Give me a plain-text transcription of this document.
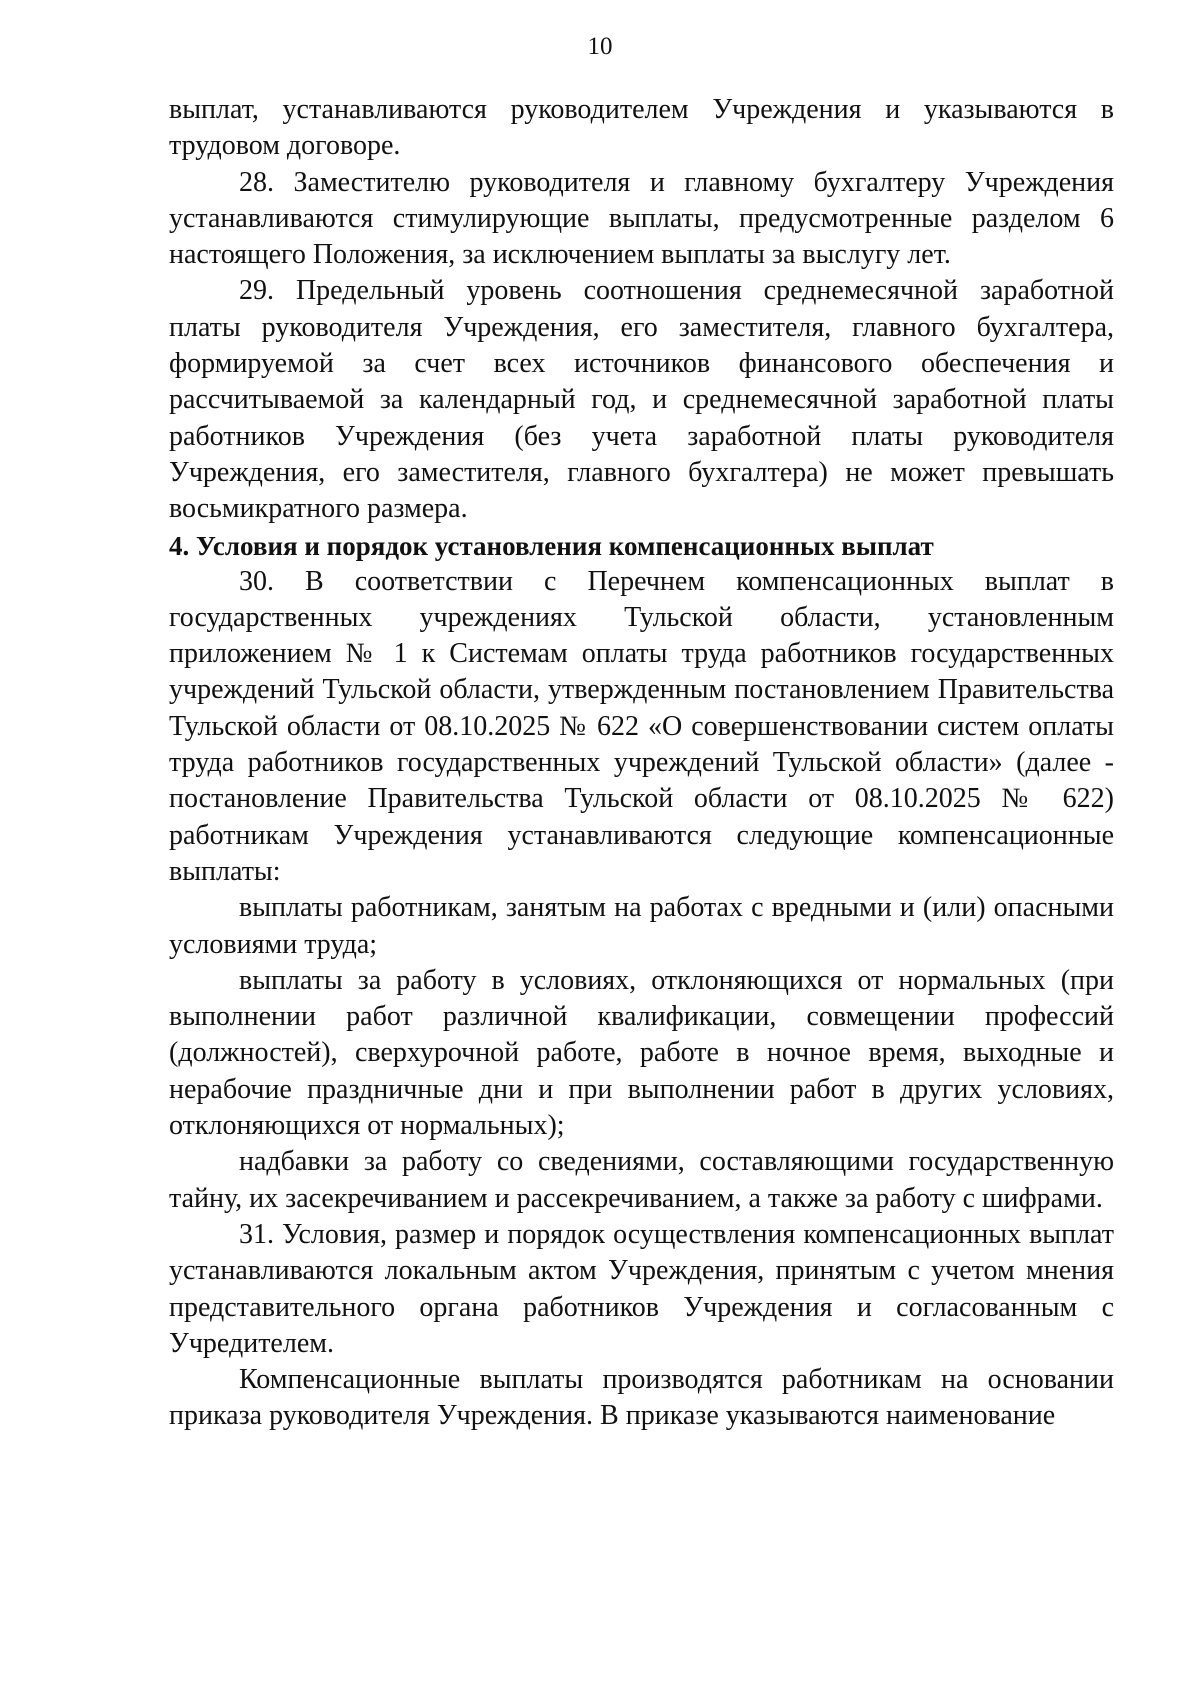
10

выплат, устанавливаются руководителем Учреждения и указываются в трудовом договоре.

28. Заместителю руководителя и главному бухгалтеру Учреждения устанавливаются стимулирующие выплаты, предусмотренные разделом 6 настоящего Положения, за исключением выплаты за выслугу лет.

29. Предельный уровень соотношения среднемесячной заработной платы руководителя Учреждения, его заместителя, главного бухгалтера, формируемой за счет всех источников финансового обеспечения и рассчитываемой за календарный год, и среднемесячной заработной платы работников Учреждения (без учета заработной платы руководителя Учреждения, его заместителя, главного бухгалтера) не может превышать восьмикратного размера.

4. Условия и порядок установления компенсационных выплат

30. В соответствии с Перечнем компенсационных выплат в государственных учреждениях Тульской области, установленным приложением № 1 к Системам оплаты труда работников государственных учреждений Тульской области, утвержденным постановлением Правительства Тульской области от 08.10.2025 № 622 «О совершенствовании систем оплаты труда работников государственных учреждений Тульской области» (далее - постановление Правительства Тульской области от 08.10.2025 № 622) работникам Учреждения устанавливаются следующие компенсационные выплаты:

выплаты работникам, занятым на работах с вредными и (или) опасными условиями труда;

выплаты за работу в условиях, отклоняющихся от нормальных (при выполнении работ различной квалификации, совмещении профессий (должностей), сверхурочной работе, работе в ночное время, выходные и нерабочие праздничные дни и при выполнении работ в других условиях, отклоняющихся от нормальных);

надбавки за работу со сведениями, составляющими государственную тайну, их засекречиванием и рассекречиванием, а также за работу с шифрами.

31. Условия, размер и порядок осуществления компенсационных выплат устанавливаются локальным актом Учреждения, принятым с учетом мнения представительного органа работников Учреждения и согласованным с Учредителем.

Компенсационные выплаты производятся работникам на основании приказа руководителя Учреждения. В приказе указываются наименование
